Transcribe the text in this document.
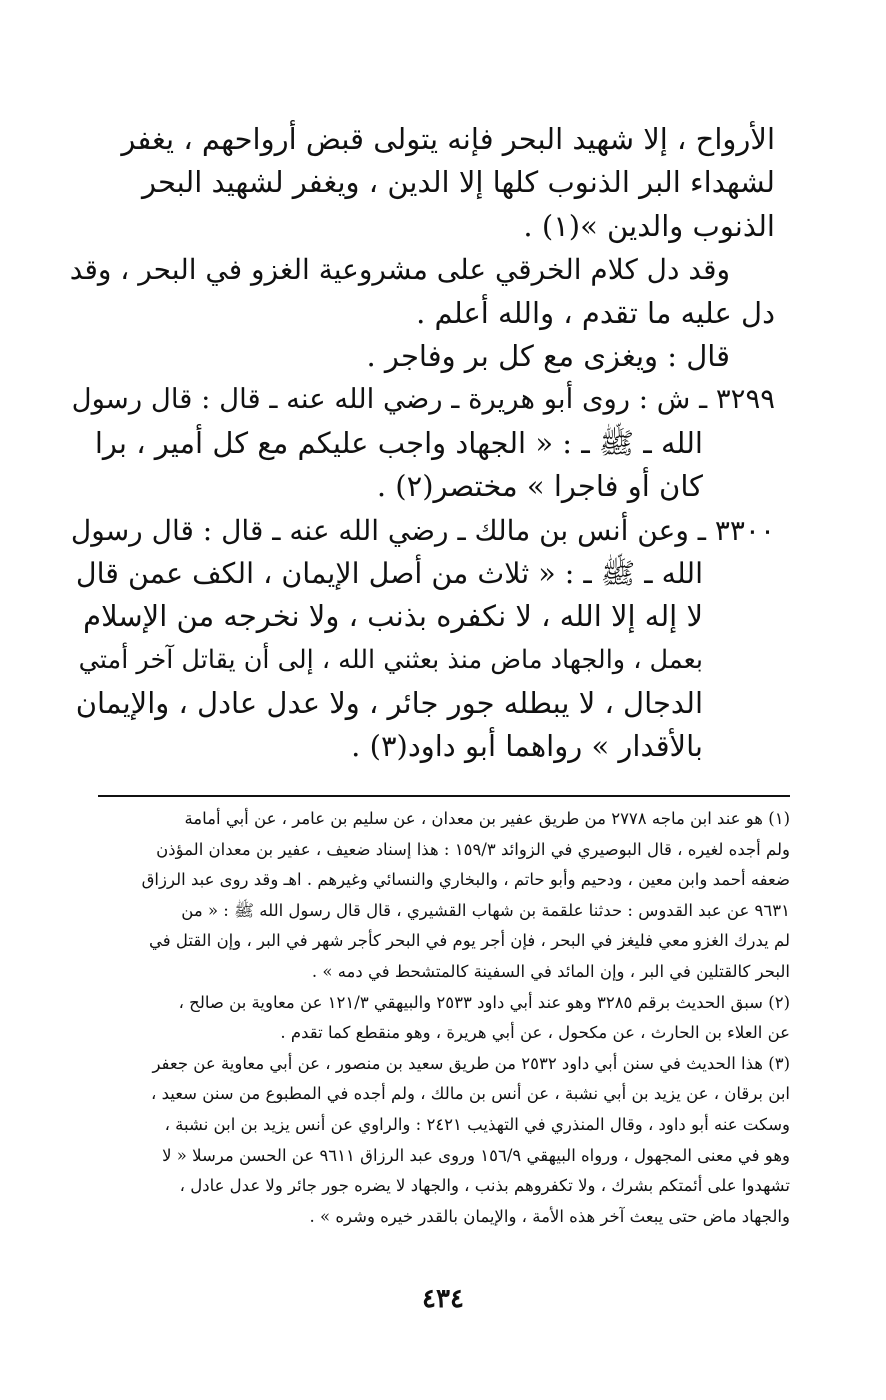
الأرواح ، إلا شهيد البحر فإنه يتولى قبض أرواحهم ، يغفر
لشهداء البر الذنوب كلها إلا الدين ، ويغفر لشهيد البحر
الذنوب والدين »(١) .
وقد دل كلام الخرقي على مشروعية الغزو في البحر ، وقد
دل عليه ما تقدم ، والله أعلم .
قال : ويغزى مع كل بر وفاجر .
٣٢٩٩ ـ ش : روى أبو هريرة ـ رضي الله عنه ـ قال : قال رسول
الله ـ ﷺ ـ : « الجهاد واجب عليكم مع كل أمير ، برا
كان أو فاجرا » مختصر(٢) .
٣٣٠٠ ـ وعن أنس بن مالك ـ رضي الله عنه ـ قال : قال رسول
الله ـ ﷺ ـ : « ثلاث من أصل الإيمان ، الكف عمن قال
لا إله إلا الله ، لا نكفره بذنب ، ولا نخرجه من الإسلام
بعمل ، والجهاد ماض منذ بعثني الله ، إلى أن يقاتل آخر أمتي
الدجال ، لا يبطله جور جائر ، ولا عدل عادل ، والإيمان
بالأقدار » رواهما أبو داود(٣) .
(١) هو عند ابن ماجه ٢٧٧٨ من طريق عفير بن معدان ، عن سليم بن عامر ، عن أبي أمامة
ولم أجده لغيره ، قال البوصيري في الزوائد ١٥٩/٣ : هذا إسناد ضعيف ، عفير بن معدان المؤذن
ضعفه أحمد وابن معين ، ودحيم وأبو حاتم ، والبخاري والنسائي وغيرهم . اهـ وقد روى عبد الرزاق
٩٦٣١ عن عبد القدوس : حدثنا علقمة بن شهاب القشيري ، قال قال رسول الله ﷺ : « من
لم يدرك الغزو معي فليغز في البحر ، فإن أجر يوم في البحر كأجر شهر في البر ، وإن القتل في
البحر كالقتلين في البر ، وإن المائد في السفينة كالمتشحط في دمه » .
(٢) سبق الحديث برقم ٣٢٨٥ وهو عند أبي داود ٢٥٣٣ والبيهقي ١٢١/٣ عن معاوية بن صالح ،
عن العلاء بن الحارث ، عن مكحول ، عن أبي هريرة ، وهو منقطع كما تقدم .
(٣) هذا الحديث في سنن أبي داود ٢٥٣٢ من طريق سعيد بن منصور ، عن أبي معاوية عن جعفر
ابن برقان ، عن يزيد بن أبي نشبة ، عن أنس بن مالك ، ولم أجده في المطبوع من سنن سعيد ،
وسكت عنه أبو داود ، وقال المنذري في التهذيب ٢٤٢١ : والراوي عن أنس يزيد بن ابن نشبة ،
وهو في معنى المجهول ، ورواه البيهقي ١٥٦/٩ وروى عبد الرزاق ٩٦١١ عن الحسن مرسلا « لا
تشهدوا على أئمتكم بشرك ، ولا تكفروهم بذنب ، والجهاد لا يضره جور جائر ولا عدل عادل ،
والجهاد ماض حتى يبعث آخر هذه الأمة ، والإيمان بالقدر خيره وشره » .
٤٣٤
